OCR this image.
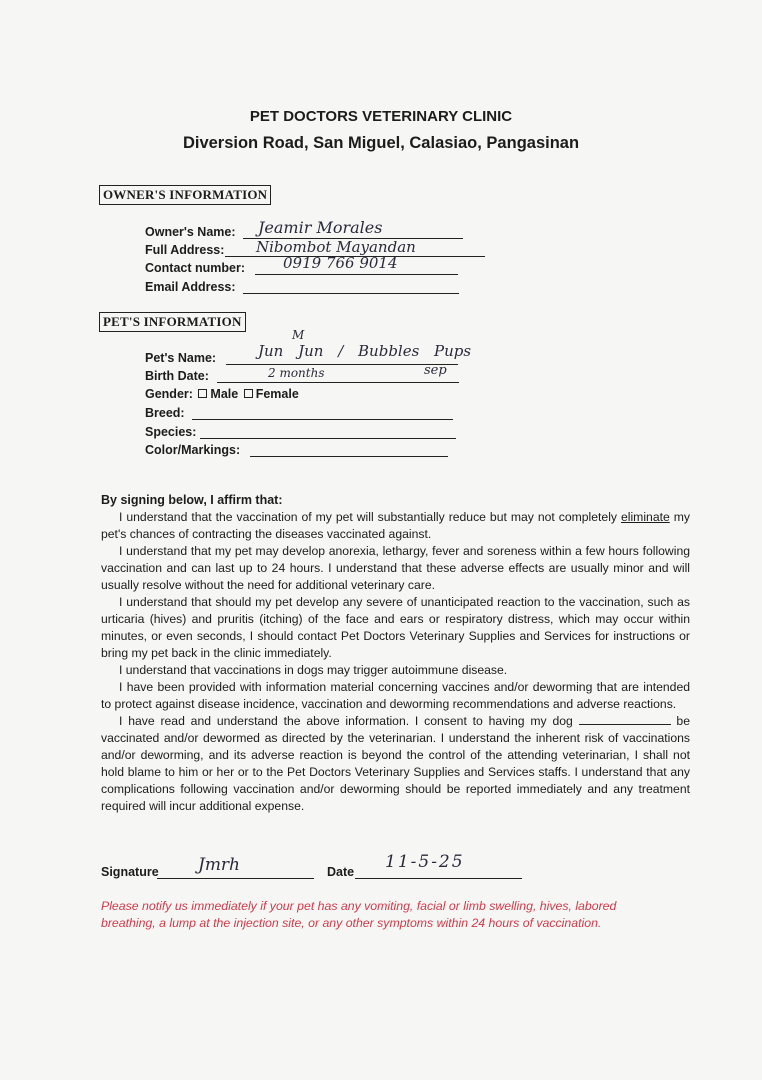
PET DOCTORS VETERINARY CLINIC
Diversion Road, San Miguel, Calasiao, Pangasinan
OWNER'S INFORMATION
Owner's Name: Jeamir Morales
Full Address: Nibombot Mayandan
Contact number:	0919 766 9014
Email Address:
PET'S INFORMATION
M
Pet's Name:	Jun Jun / Bubbles Pups
Birth Date:	2 months	sep
Gender: Male Female
Breed:
Species:
Color/Markings:
By signing below, I affirm that:

I understand that the vaccination of my pet will substantially reduce but may not completely eliminate my pet's chances of contracting the diseases vaccinated against.

I understand that my pet may develop anorexia, lethargy, fever and soreness within a few hours following vaccination and can last up to 24 hours. I understand that these adverse effects are usually minor and will usually resolve without the need for additional veterinary care.

I understand that should my pet develop any severe of unanticipated reaction to the vaccination, such as urticaria (hives) and pruritis (itching) of the face and ears or respiratory distress, which may occur within minutes, or even seconds, I should contact Pet Doctors Veterinary Supplies and Services for instructions or bring my pet back in the clinic immediately.

I understand that vaccinations in dogs may trigger autoimmune disease.

I have been provided with information material concerning vaccines and/or deworming that are intended to protect against disease incidence, vaccination and deworming recommendations and adverse reactions.

I have read and understand the above information. I consent to having my dog	be vaccinated and/or dewormed as directed by the veterinarian. I understand the inherent risk of vaccinations and/or deworming, and its adverse reaction is beyond the control of the attending veterinarian, I shall not hold blame to him or her or to the Pet Doctors Veterinary Supplies and Services staffs. I understand that any complications following vaccination and/or deworming should be reported immediately and any treatment required will incur additional expense.

Signature Jmrh	Date 11-5-25
Please notify us immediately if your pet has any vomiting, facial or limb swelling, hives, labored breathing, a lump at the injection site, or any other symptoms within 24 hours of vaccination.
